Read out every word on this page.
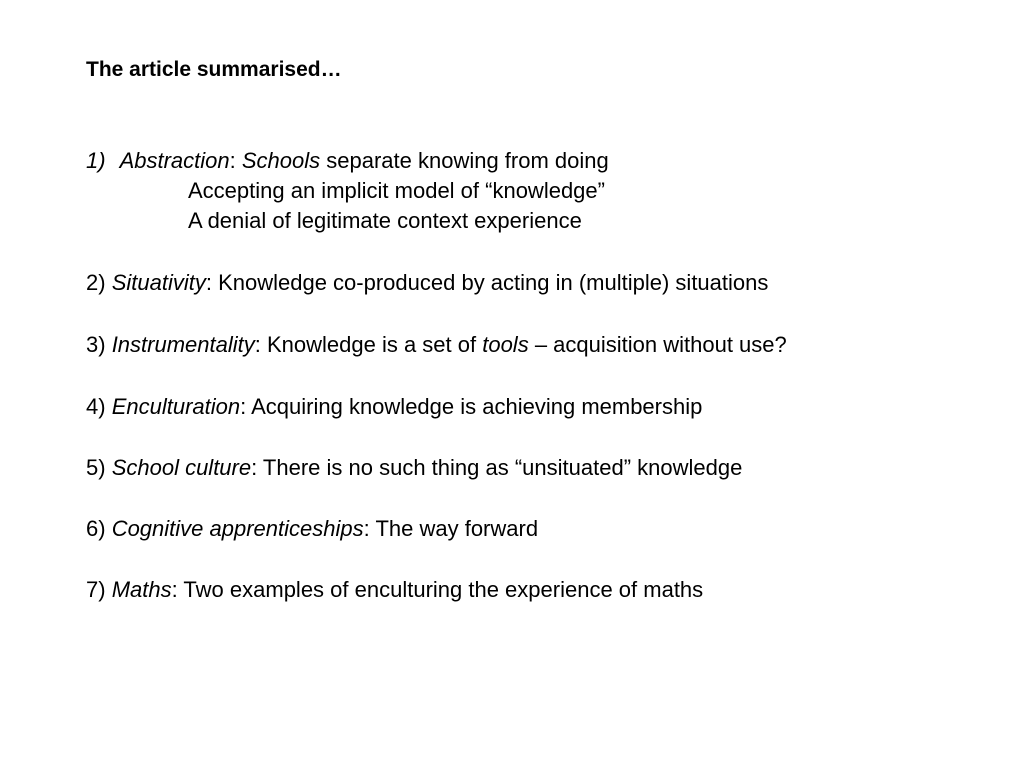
The article summarised…
1) Abstraction: Schools separate knowing from doing
Accepting an implicit model of “knowledge”
A denial of legitimate context experience
2) Situativity: Knowledge co-produced by acting in (multiple) situations
3) Instrumentality: Knowledge is a set of tools – acquisition without use?
4) Enculturation: Acquiring knowledge is achieving membership
5) School culture: There is no such thing as “unsituated” knowledge
6) Cognitive apprenticeships: The way forward
7) Maths: Two examples of enculturing the experience of maths
